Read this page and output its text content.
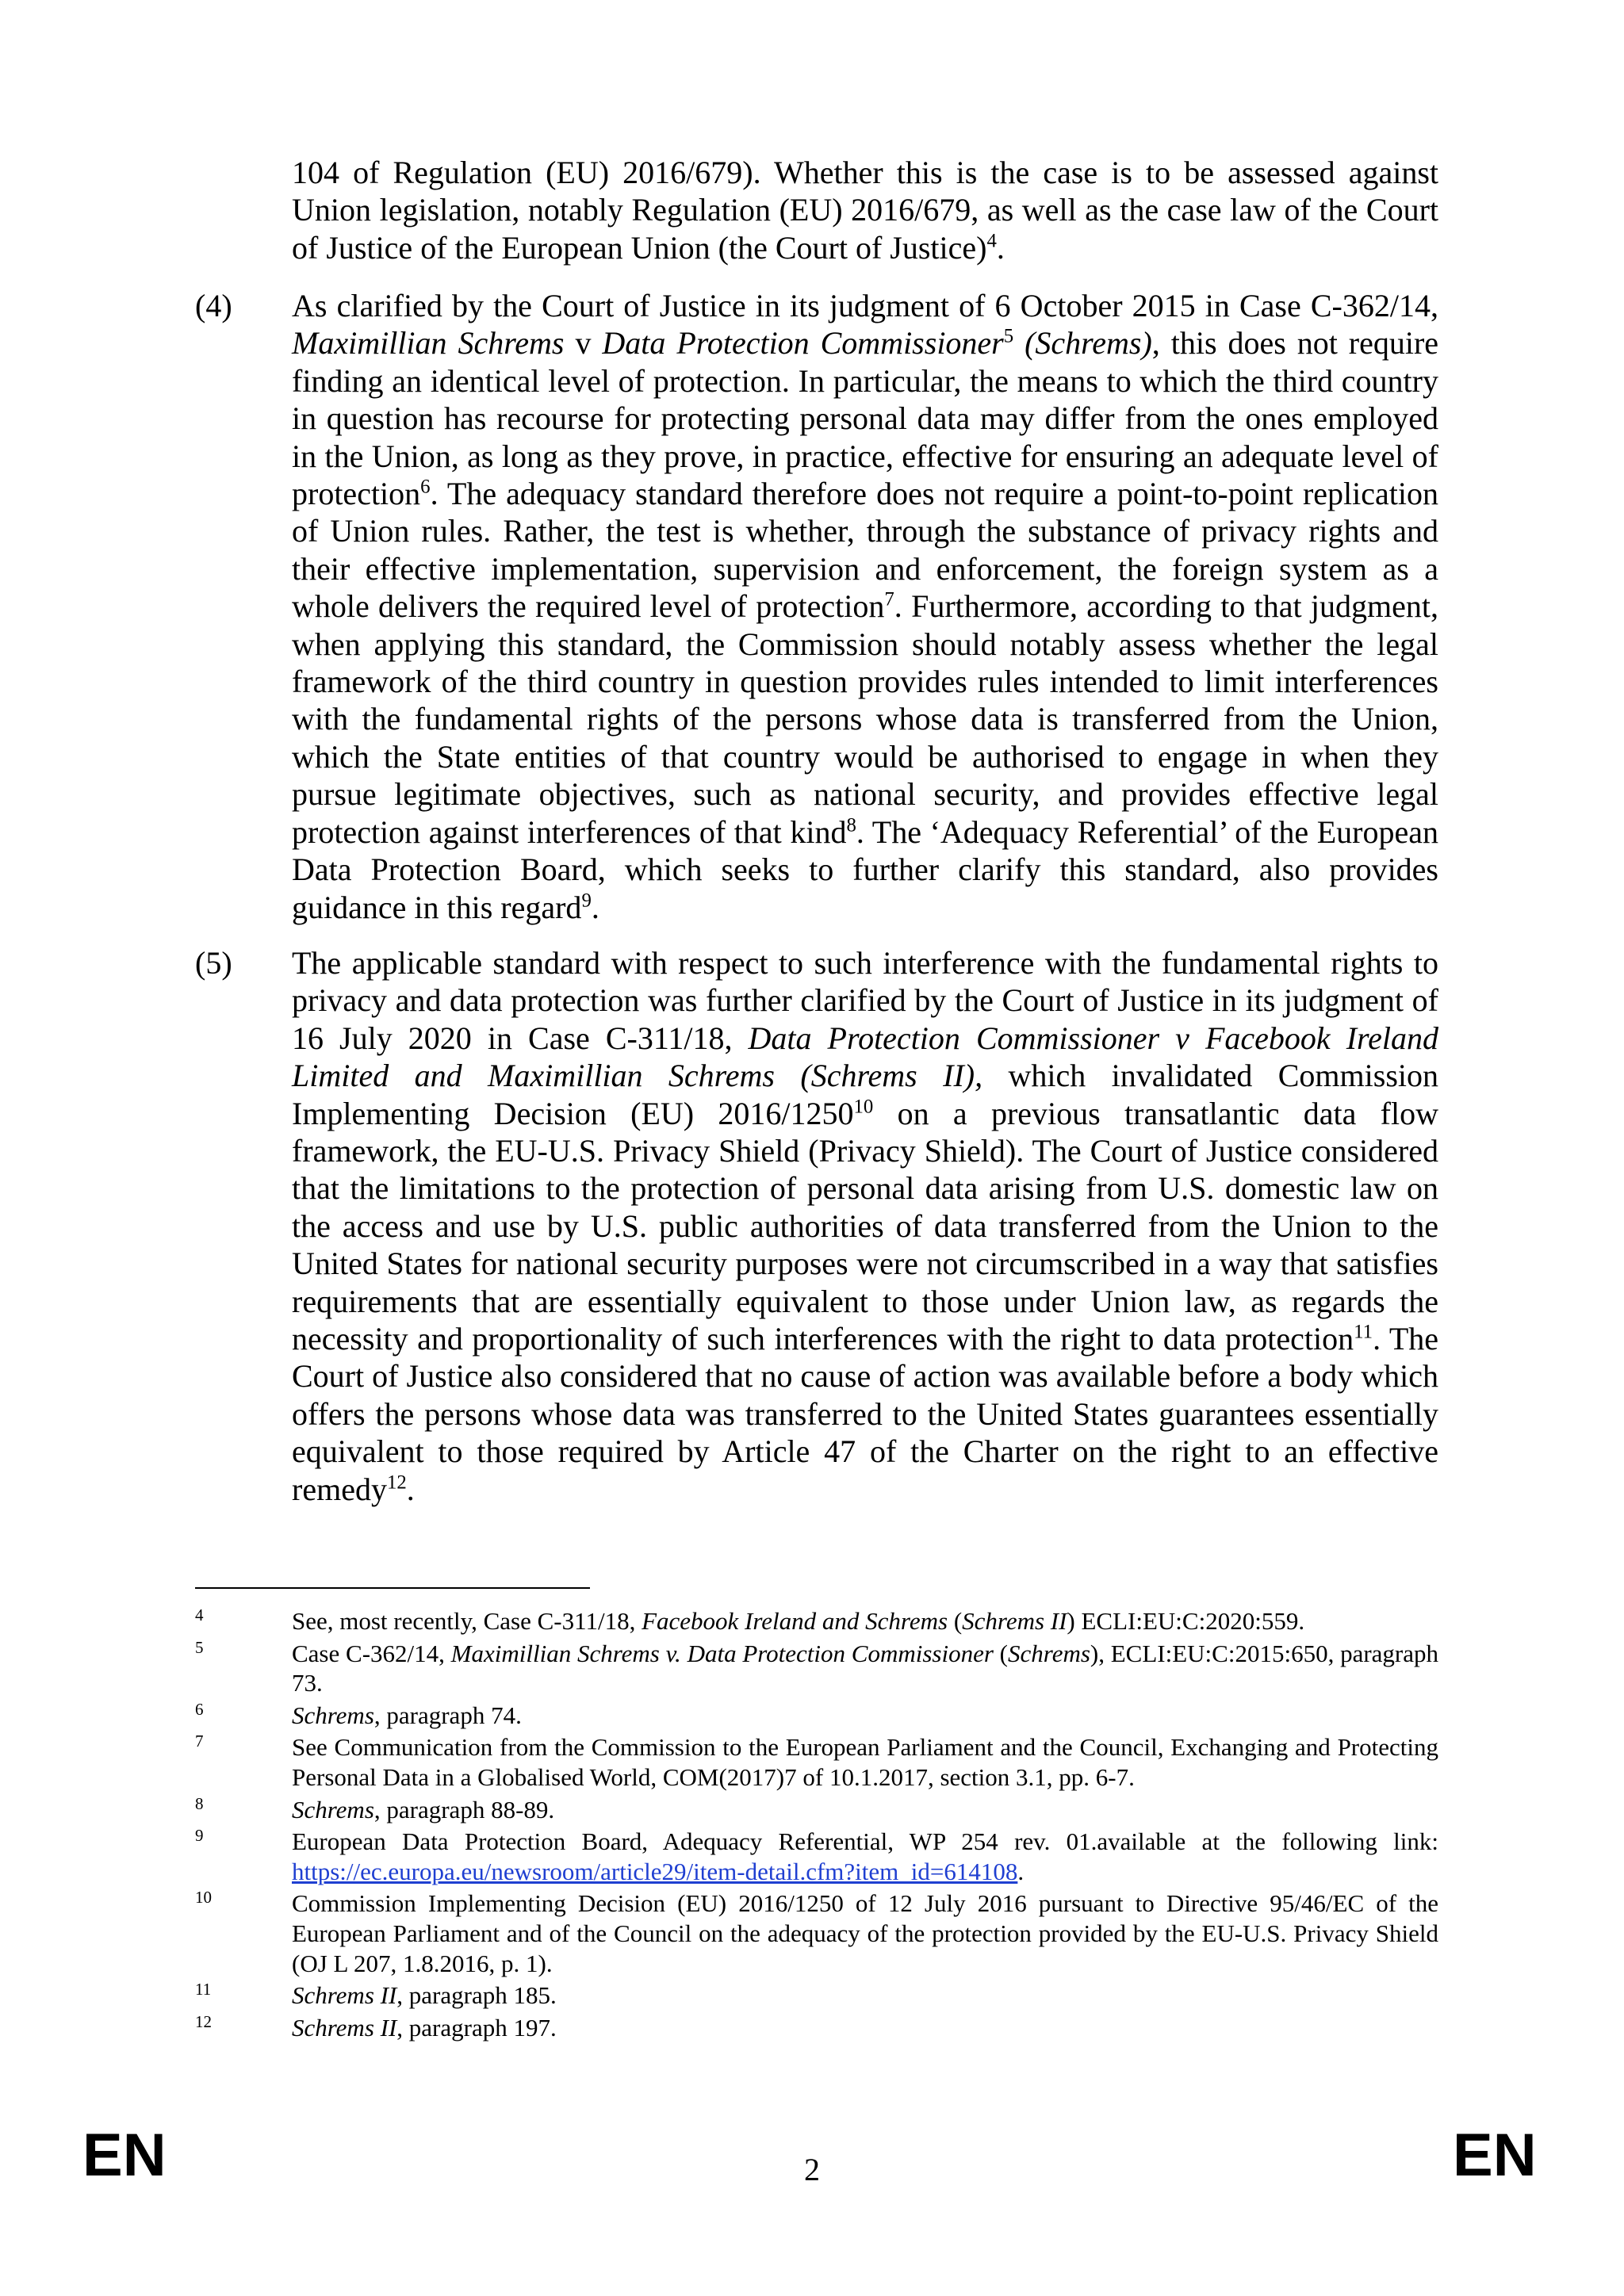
104 of Regulation (EU) 2016/679). Whether this is the case is to be assessed against Union legislation, notably Regulation (EU) 2016/679, as well as the case law of the Court of Justice of the European Union (the Court of Justice)$^4$.
(4) As clarified by the Court of Justice in its judgment of 6 October 2015 in Case C-362/14, Maximillian Schrems v Data Protection Commissioner$^5$ (Schrems), this does not require finding an identical level of protection. In particular, the means to which the third country in question has recourse for protecting personal data may differ from the ones employed in the Union, as long as they prove, in practice, effective for ensuring an adequate level of protection$^6$. The adequacy standard therefore does not require a point-to-point replication of Union rules. Rather, the test is whether, through the substance of privacy rights and their effective implementation, supervision and enforcement, the foreign system as a whole delivers the required level of protection$^7$. Furthermore, according to that judgment, when applying this standard, the Commission should notably assess whether the legal framework of the third country in question provides rules intended to limit interferences with the fundamental rights of the persons whose data is transferred from the Union, which the State entities of that country would be authorised to engage in when they pursue legitimate objectives, such as national security, and provides effective legal protection against interferences of that kind$^8$. The ‘Adequacy Referential’ of the European Data Protection Board, which seeks to further clarify this standard, also provides guidance in this regard$^9$.
(5) The applicable standard with respect to such interference with the fundamental rights to privacy and data protection was further clarified by the Court of Justice in its judgment of 16 July 2020 in Case C-311/18, Data Protection Commissioner v Facebook Ireland Limited and Maximillian Schrems (Schrems II), which invalidated Commission Implementing Decision (EU) 2016/1250$^{10}$ on a previous transatlantic data flow framework, the EU-U.S. Privacy Shield (Privacy Shield). The Court of Justice considered that the limitations to the protection of personal data arising from U.S. domestic law on the access and use by U.S. public authorities of data transferred from the Union to the United States for national security purposes were not circumscribed in a way that satisfies requirements that are essentially equivalent to those under Union law, as regards the necessity and proportionality of such interferences with the right to data protection$^{11}$. The Court of Justice also considered that no cause of action was available before a body which offers the persons whose data was transferred to the United States guarantees essentially equivalent to those required by Article 47 of the Charter on the right to an effective remedy$^{12}$.
4	See, most recently, Case C-311/18, Facebook Ireland and Schrems (Schrems II) ECLI:EU:C:2020:559.
5	Case C-362/14, Maximillian Schrems v. Data Protection Commissioner (Schrems), ECLI:EU:C:2015:650, paragraph 73.
6	Schrems, paragraph 74.
7	See Communication from the Commission to the European Parliament and the Council, Exchanging and Protecting Personal Data in a Globalised World, COM(2017)7 of 10.1.2017, section 3.1, pp. 6-7.
8	Schrems, paragraph 88-89.
9	European Data Protection Board, Adequacy Referential, WP 254 rev. 01.available at the following link: https://ec.europa.eu/newsroom/article29/item-detail.cfm?item_id=614108.
10	Commission Implementing Decision (EU) 2016/1250 of 12 July 2016 pursuant to Directive 95/46/EC of the European Parliament and of the Council on the adequacy of the protection provided by the EU-U.S. Privacy Shield (OJ L 207, 1.8.2016, p. 1).
11	Schrems II, paragraph 185.
12	Schrems II, paragraph 197.
EN	2	EN
